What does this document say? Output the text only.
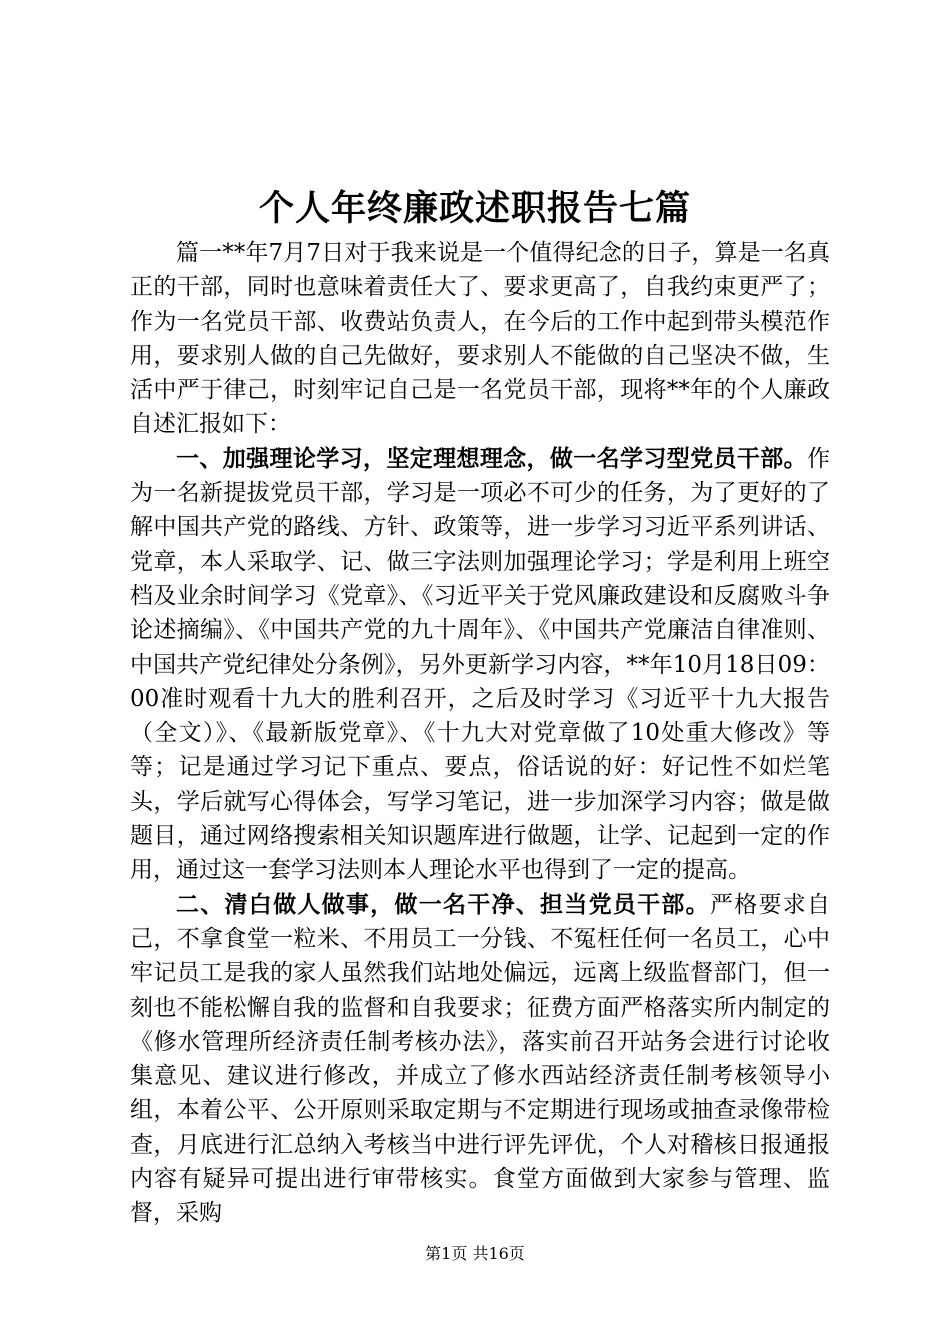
个人年终廉政述职报告七篇

篇一**年7月7日对于我来说是一个值得纪念的日子，算是一名真正的干部，同时也意味着责任大了、要求更高了，自我约束更严了；作为一名党员干部、收费站负责人，在今后的工作中起到带头模范作用，要求别人做的自己先做好，要求别人不能做的自己坚决不做，生活中严于律己，时刻牢记自己是一名党员干部，现将**年的个人廉政自述汇报如下：

一、加强理论学习，坚定理想理念，做一名学习型党员干部。作为一名新提拔党员干部，学习是一项必不可少的任务，为了更好的了解中国共产党的路线、方针、政策等，进一步学习习近平系列讲话、党章，本人采取学、记、做三字法则加强理论学习；学是利用上班空档及业余时间学习《党章》、《习近平关于党风廉政建设和反腐败斗争论述摘编》、《中国共产党的九十周年》、《中国共产党廉洁自律准则、中国共产党纪律处分条例》，另外更新学习内容，**年10月18日09：00准时观看十九大的胜利召开，之后及时学习《习近平十九大报告（全文）》、《最新版党章》、《十九大对党章做了10处重大修改》等等；记是通过学习记下重点、要点，俗话说的好：好记性不如烂笔头，学后就写心得体会，写学习笔记，进一步加深学习内容；做是做题目，通过网络搜索相关知识题库进行做题，让学、记起到一定的作用，通过这一套学习法则本人理论水平也得到了一定的提高。

二、清白做人做事，做一名干净、担当党员干部。严格要求自己，不拿食堂一粒米、不用员工一分钱、不冤枉任何一名员工，心中牢记员工是我的家人虽然我们站地处偏远，远离上级监督部门，但一刻也不能松懈自我的监督和自我要求；征费方面严格落实所内制定的《修水管理所经济责任制考核办法》，落实前召开站务会进行讨论收集意见、建议进行修改，并成立了修水西站经济责任制考核领导小组，本着公平、公开原则采取定期与不定期进行现场或抽查录像带检查，月底进行汇总纳入考核当中进行评先评优，个人对稽核日报通报内容有疑异可提出进行审带核实。食堂方面做到大家参与管理、监督，采购

第1页 共16页
